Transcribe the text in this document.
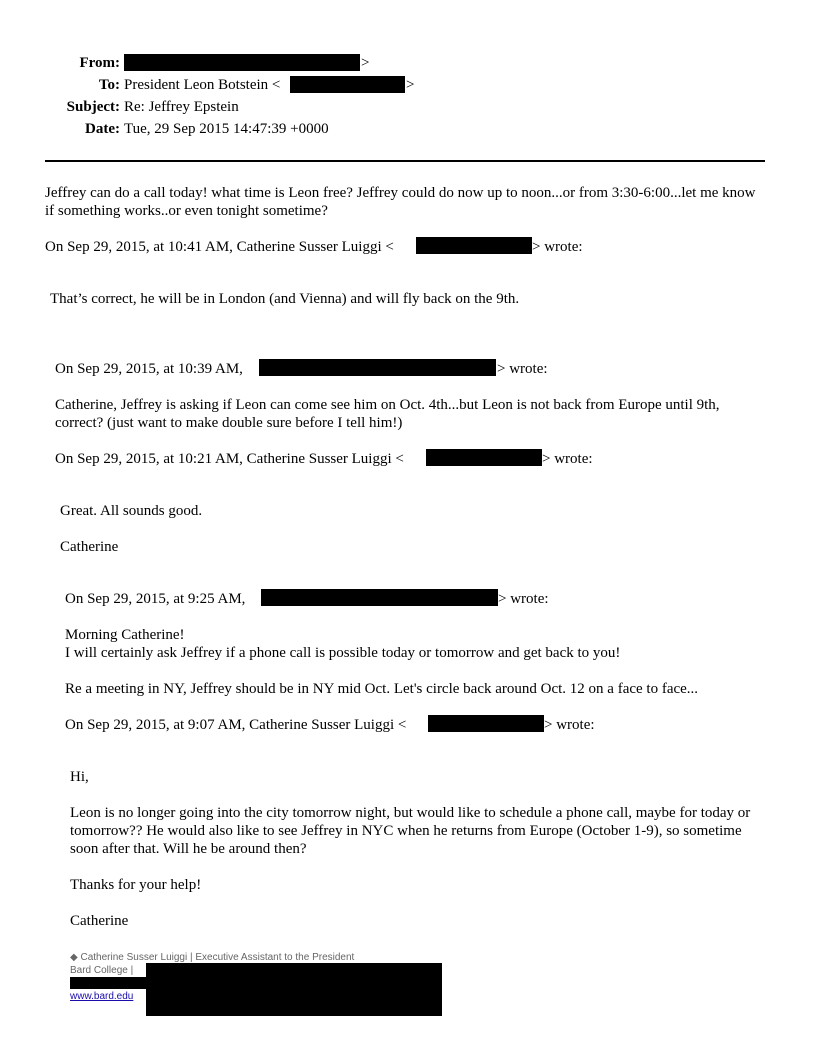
From:	>
To: President Leon Botstein <	>
Subject: Re: Jeffrey Epstein
Date: Tue, 29 Sep 2015 14:47:39 +0000
Jeffrey can do a call today! what time is Leon free? Jeffrey could do now up to noon...or from 3:30-6:00...let me know if something works..or even tonight sometime?
On Sep 29, 2015, at 10:41 AM, Catherine Susser Luiggi <	> wrote:
That’s correct, he will be in London (and Vienna) and will fly back on the 9th.
On Sep 29, 2015, at 10:39 AM,	> wrote:
Catherine, Jeffrey is asking if Leon can come see him on Oct. 4th...but Leon is not back from Europe until 9th, correct? (just want to make double sure before I tell him!)
On Sep 29, 2015, at 10:21 AM, Catherine Susser Luiggi <	> wrote:
Great. All sounds good.
Catherine
On Sep 29, 2015, at 9:25 AM,	> wrote:
Morning Catherine!
I will certainly ask Jeffrey if a phone call is possible today or tomorrow and get back to you!
Re a meeting in NY, Jeffrey should be in NY mid Oct. Let's circle back around Oct. 12 on a face to face...
On Sep 29, 2015, at 9:07 AM, Catherine Susser Luiggi <	> wrote:
Hi,
Leon is no longer going into the city tomorrow night, but would like to schedule a phone call, maybe for today or tomorrow?? He would also like to see Jeffrey in NYC when he returns from Europe (October 1-9), so sometime soon after that. Will he be around then?
Thanks for your help!
Catherine
◆ Catherine Susser Luiggi | Executive Assistant to the President
Bard College |
www.bard.edu
